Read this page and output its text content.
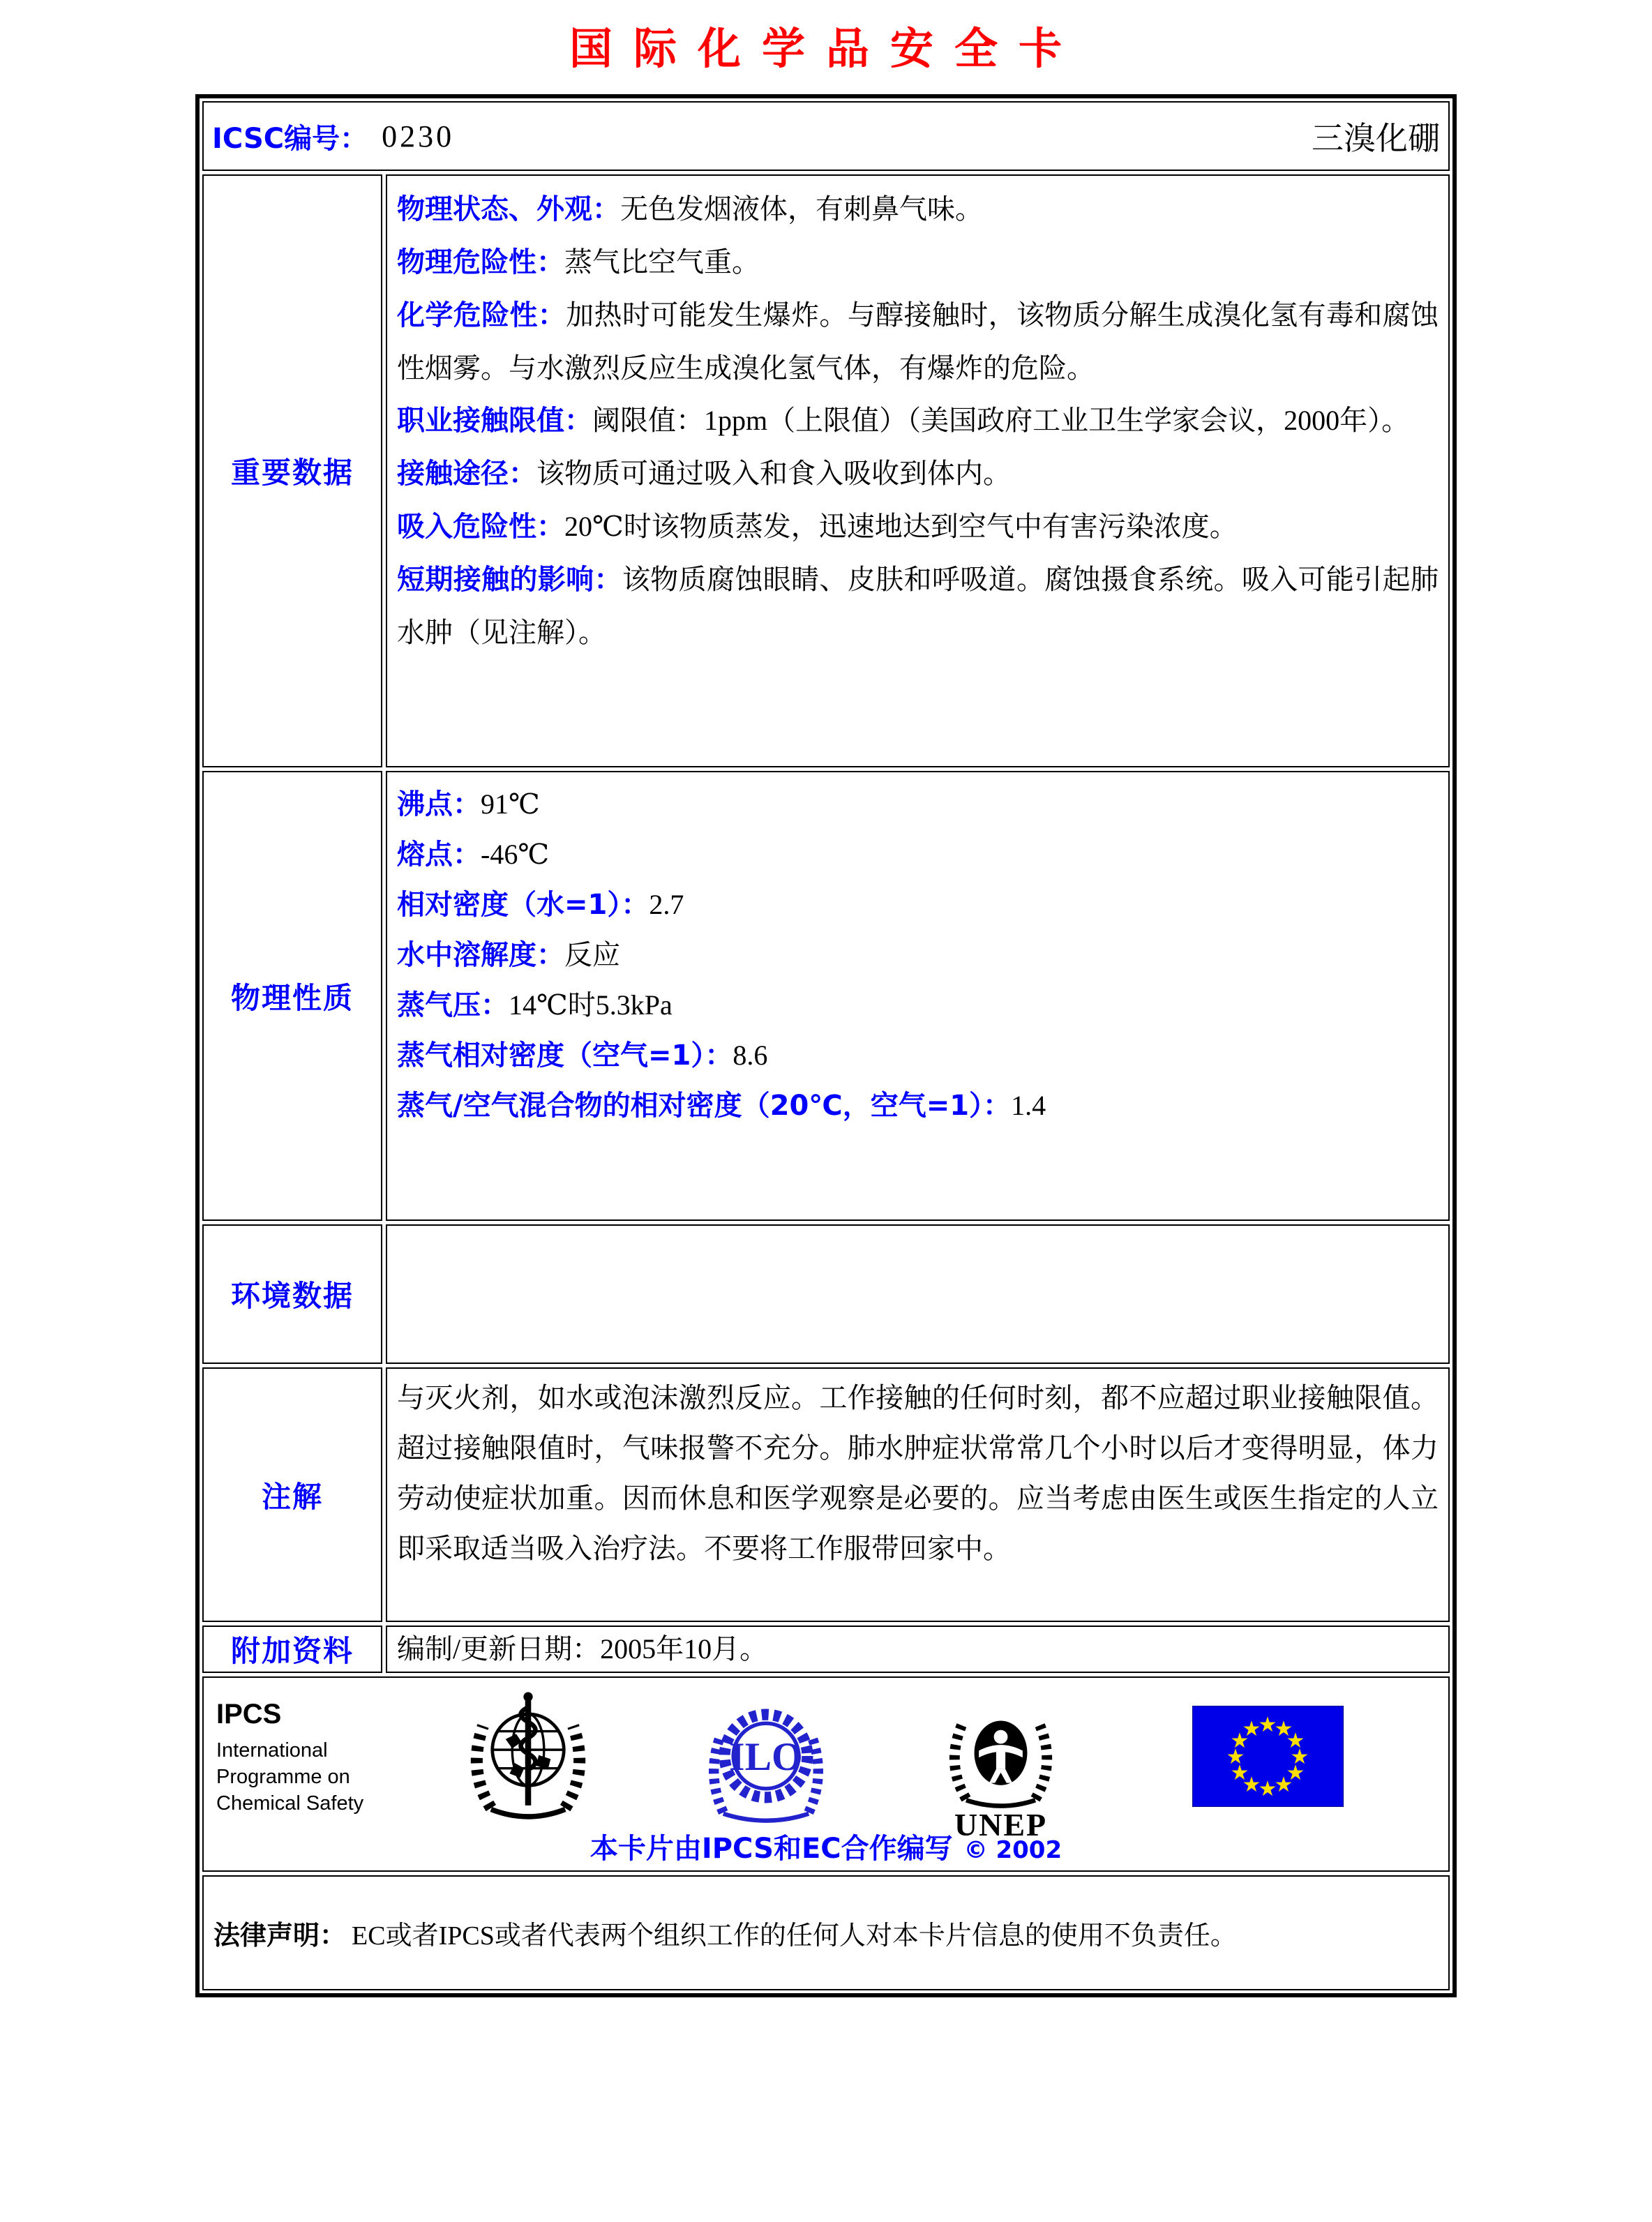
国际化学品安全卡
ICSC编号： 0230	三溴化硼
重要数据

物理状态、外观：无色发烟液体，有刺鼻气味。

物理危险性：蒸气比空气重。

化学危险性：加热时可能发生爆炸。与醇接触时，该物质分解生成溴化氢有毒和腐蚀性烟雾。与水激烈反应生成溴化氢气体，有爆炸的危险。

职业接触限值：阈限值：1ppm（上限值）（美国政府工业卫生学家会议，2000年）。

接触途径：该物质可通过吸入和食入吸收到体内。

吸入危险性：20℃时该物质蒸发，迅速地达到空气中有害污染浓度。

短期接触的影响：该物质腐蚀眼睛、皮肤和呼吸道。腐蚀摄食系统。吸入可能引起肺水肿（见注解）。

物理性质

沸点：91℃

熔点：-46℃

相对密度（水=1）：2.7

水中溶解度：反应

蒸气压：14℃时5.3kPa

蒸气相对密度（空气=1）：8.6

蒸气/空气混合物的相对密度（20℃，空气=1）：1.4

环境数据
注解

与灭火剂，如水或泡沫激烈反应。工作接触的任何时刻，都不应超过职业接触限值。超过接触限值时，气味报警不充分。肺水肿症状常常几个小时以后才变得明显，体力劳动使症状加重。因而休息和医学观察是必要的。应当考虑由医生或医生指定的人立即采取适当吸入治疗法。不要将工作服带回家中。

附加资料	编制/更新日期：2005年10月。

IPCS

International
Programme on
Chemical Safety
ILO
UNEP
★
★
★
★
★
★
★
★
★
★
★
★
本卡片由IPCS和EC合作编写 © 2002
法律声明： EC或者IPCS或者代表两个组织工作的任何人对本卡片信息的使用不负责任。
